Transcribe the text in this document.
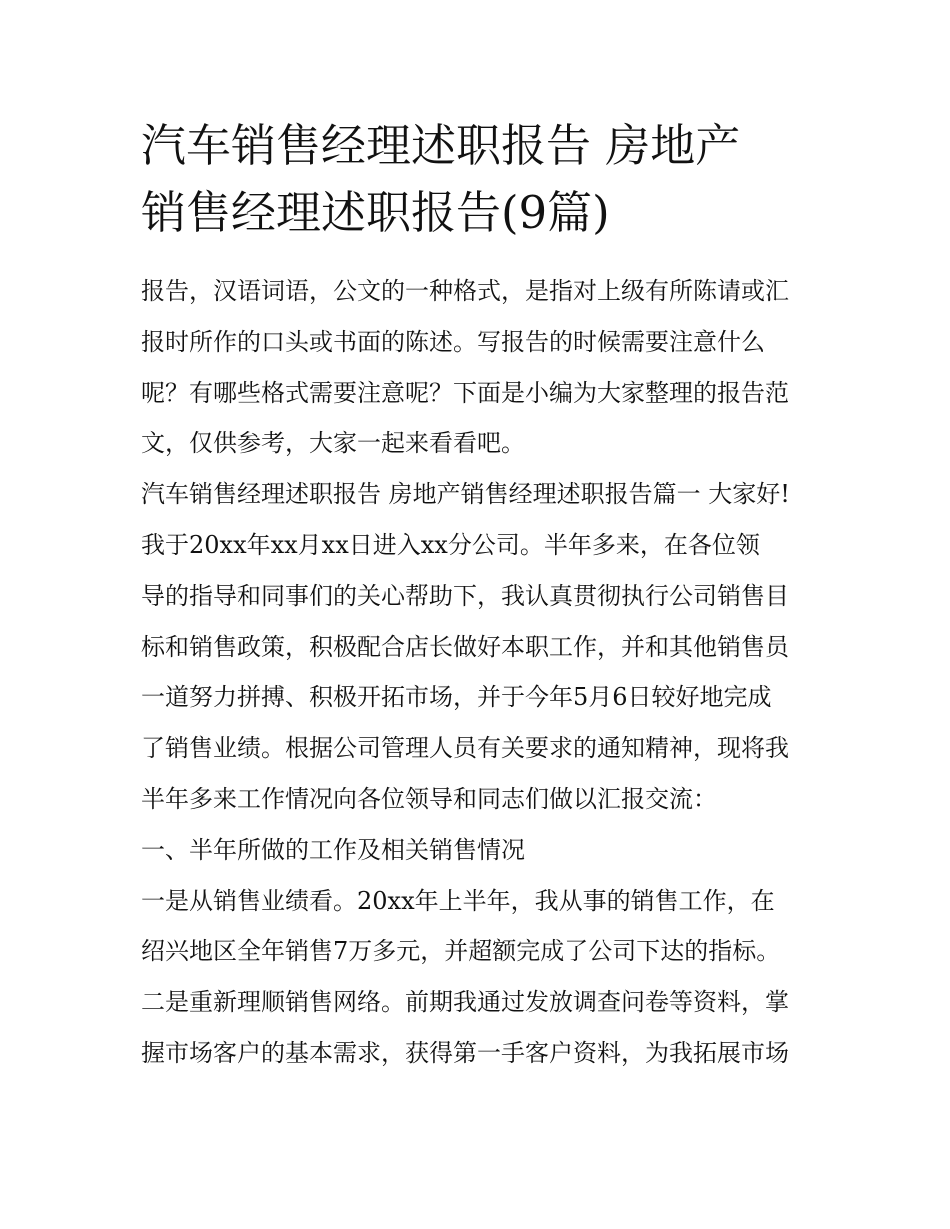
汽车销售经理述职报告 房地产
销售经理述职报告(9篇)
报告，汉语词语，公文的一种格式，是指对上级有所陈请或汇
报时所作的口头或书面的陈述。写报告的时候需要注意什么
呢？有哪些格式需要注意呢？下面是小编为大家整理的报告范
文，仅供参考，大家一起来看看吧。
汽车销售经理述职报告 房地产销售经理述职报告篇一 大家好!
我于20xx年xx月xx日进入xx分公司。半年多来，在各位领
导的指导和同事们的关心帮助下，我认真贯彻执行公司销售目
标和销售政策，积极配合店长做好本职工作，并和其他销售员
一道努力拼搏、积极开拓市场，并于今年5月6日较好地完成
了销售业绩。根据公司管理人员有关要求的通知精神，现将我
半年多来工作情况向各位领导和同志们做以汇报交流：
一、半年所做的工作及相关销售情况
一是从销售业绩看。20xx年上半年，我从事的销售工作，在
绍兴地区全年销售7万多元，并超额完成了公司下达的指标。
二是重新理顺销售网络。前期我通过发放调查问卷等资料，掌
握市场客户的基本需求，获得第一手客户资料，为我拓展市场
